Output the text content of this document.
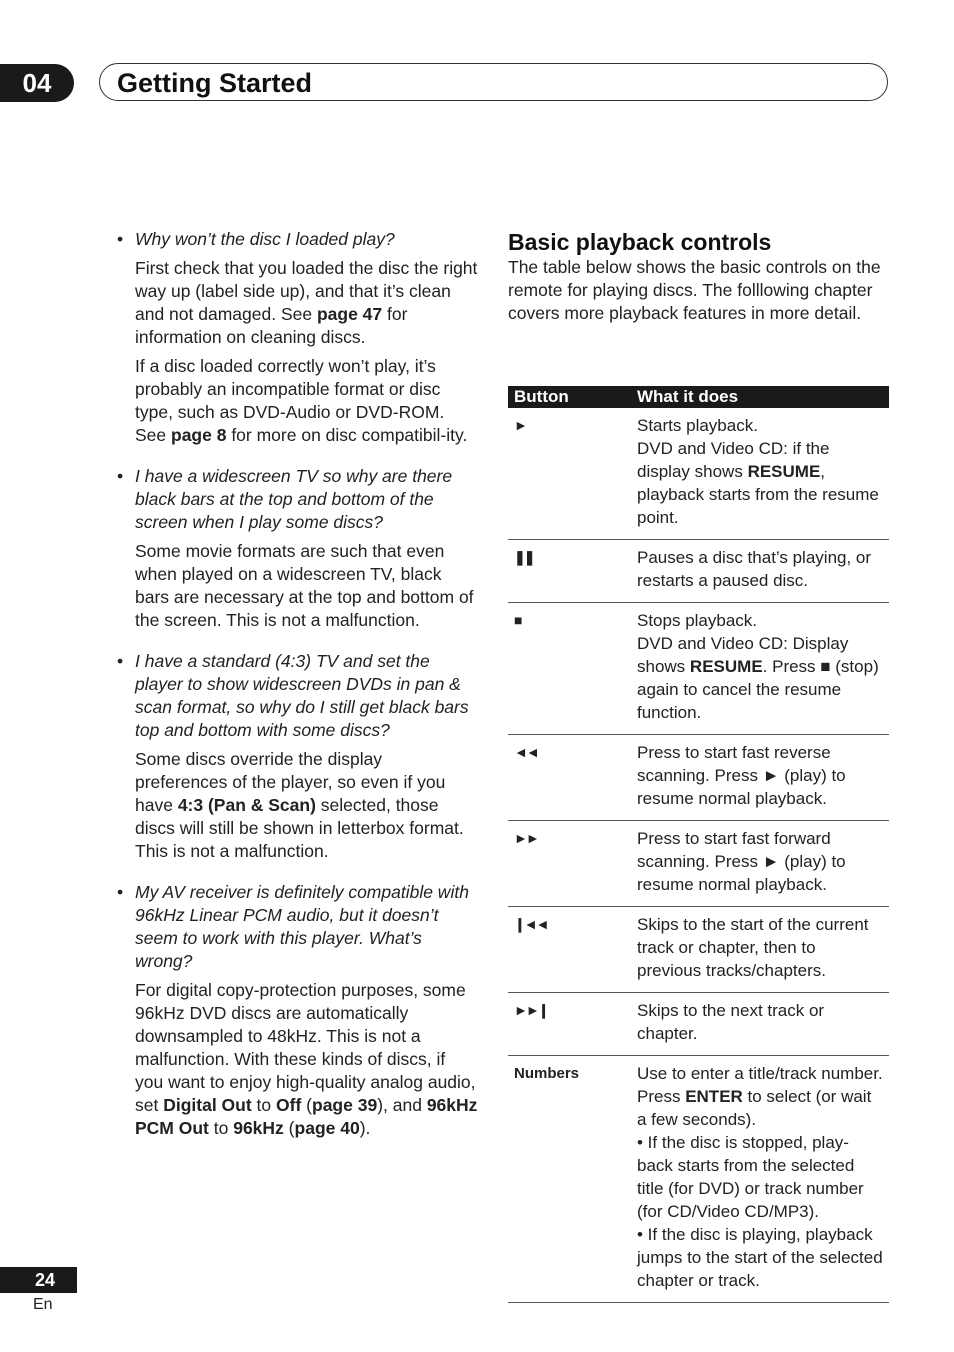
04	Getting Started
• Why won’t the disc I loaded play?

First check that you loaded the disc the right way up (label side up), and that it’s clean and not damaged. See page 47 for information on cleaning discs.

If a disc loaded correctly won’t play, it’s probably an incompatible format or disc type, such as DVD-Audio or DVD-ROM. See page 8 for more on disc compatibil-ity.

• I have a widescreen TV so why are there black bars at the top and bottom of the screen when I play some discs?

Some movie formats are such that even when played on a widescreen TV, black bars are necessary at the top and bottom of the screen. This is not a malfunction.

• I have a standard (4:3) TV and set the player to show widescreen DVDs in pan & scan format, so why do I still get black bars top and bottom with some discs?

Some discs override the display preferences of the player, so even if you have 4:3 (Pan & Scan) selected, those discs will still be shown in letterbox format. This is not a malfunction.

• My AV receiver is definitely compatible with 96kHz Linear PCM audio, but it doesn’t seem to work with this player. What’s wrong?

For digital copy-protection purposes, some 96kHz DVD discs are automatically downsampled to 48kHz. This is not a malfunction. With these kinds of discs, if you want to enjoy high-quality analog audio, set Digital Out to Off (page 39), and 96kHz PCM Out to 96kHz (page 40).

Basic playback controls

The table below shows the basic controls on the remote for playing discs. The folllowing chapter covers more playback features in more detail.

Button	What it does
►	Starts playback.
DVD and Video CD: if the display shows RESUME, playback starts from the resume point.

❚❚	Pauses a disc that’s playing, or restarts a paused disc.

■	Stops playback.
DVD and Video CD: Display shows RESUME. Press ■ (stop) again to cancel the resume function.

◄◄	Press to start fast reverse scanning. Press ► (play) to resume normal playback.

►►	Press to start fast forward scanning. Press ► (play) to resume normal playback.

❙◄◄	Skips to the start of the current track or chapter, then to previous tracks/chapters.

►►❙	Skips to the next track or chapter.

Numbers	Use to enter a title/track number. Press ENTER to select (or wait a few seconds).
• If the disc is stopped, play-back starts from the selected title (for DVD) or track number (for CD/Video CD/MP3).
• If the disc is playing, playback jumps to the start of the selected chapter or track.
24
En
